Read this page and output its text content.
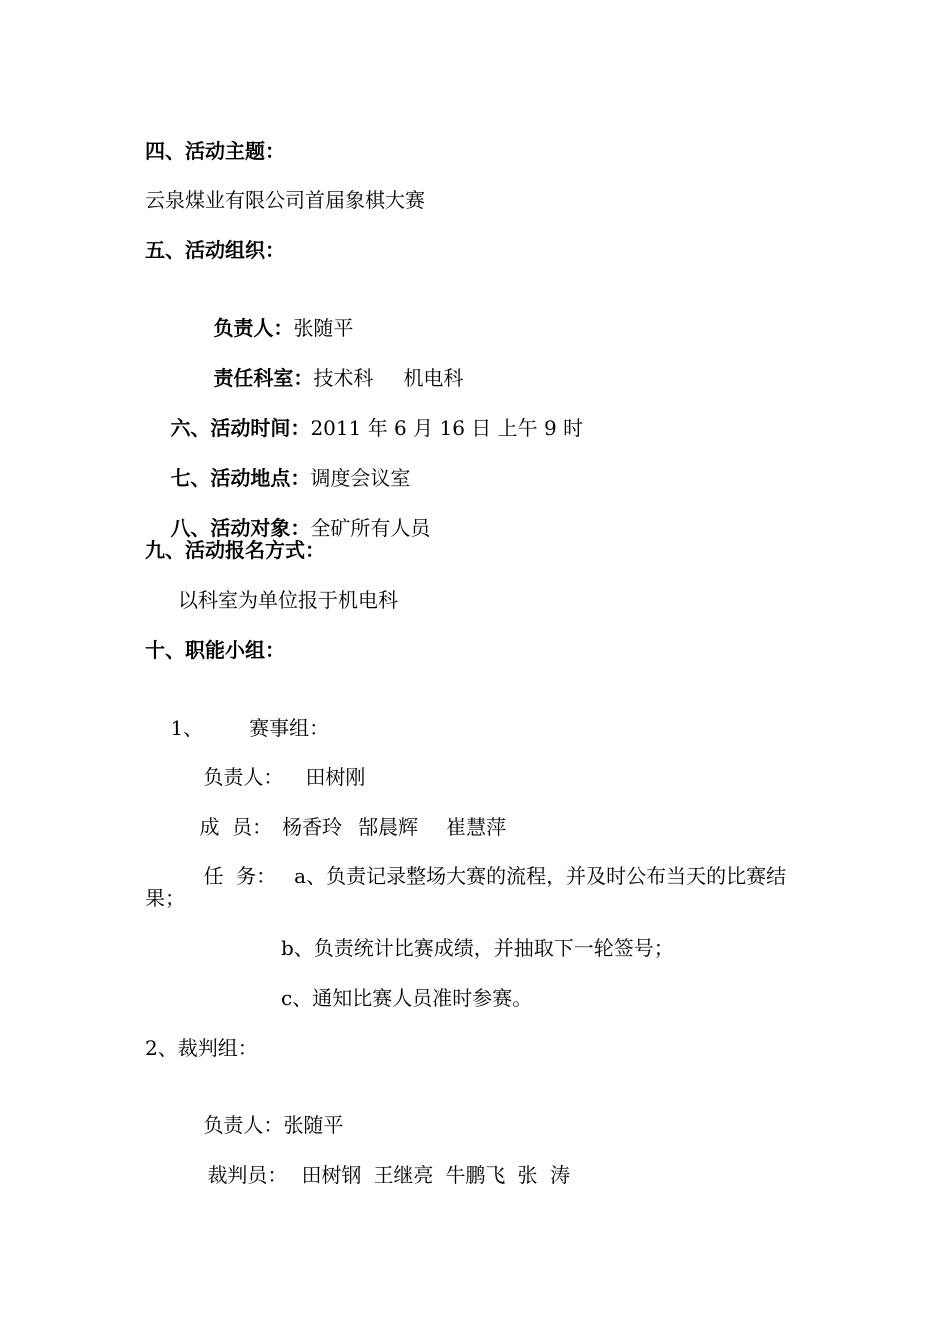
四、活动主题：
云泉煤业有限公司首届象棋大赛
五、活动组织：

负责人：张随平

责任科室：技术科 机电科

六、活动时间：2011 年 6 月 16 日 上午 9 时

七、活动地点：调度会议室

八、活动对象：全矿所有人员

九、活动报名方式：
以科室为单位报于机电科
十、职能小组：

1、 赛事组：

负责人： 田树刚

成  员： 杨香玲 郜晨辉 崔慧萍

任  务： a、负责记录整场大赛的流程，并及时公布当天的比赛结

果；
b、负责统计比赛成绩，并抽取下一轮签号；
c、通知比赛人员准时参赛。
2、裁判组：

负责人：张随平

裁判员： 田树钢 王继亮 牛鹏飞 张  涛
